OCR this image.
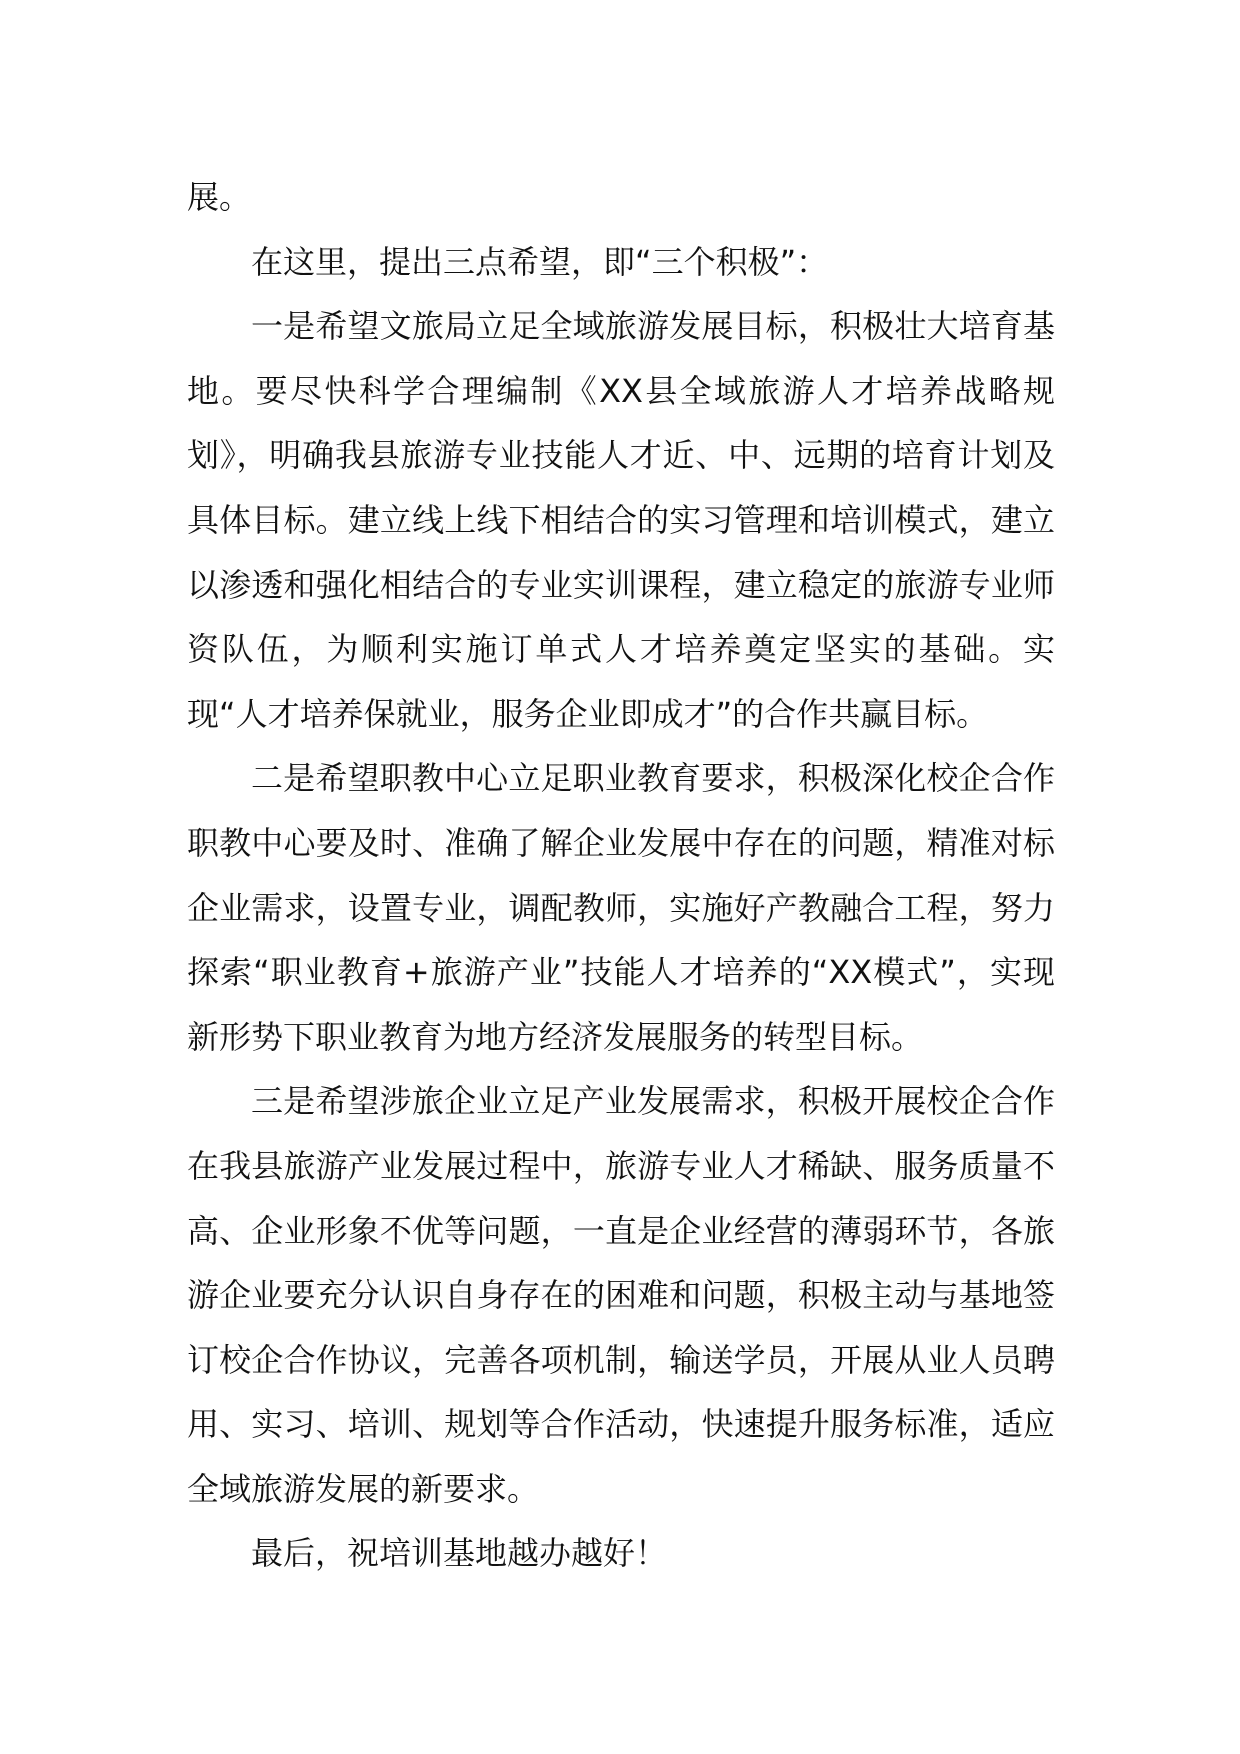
展。

在这里，提出三点希望，即“三个积极”：

一是希望文旅局立足全域旅游发展目标，积极壮大培育基地。要尽快科学合理编制《XX县全域旅游人才培养战略规划》，明确我县旅游专业技能人才近、中、远期的培育计划及具体目标。建立线上线下相结合的实习管理和培训模式，建立以渗透和强化相结合的专业实训课程，建立稳定的旅游专业师资队伍，为顺利实施订单式人才培养奠定坚实的基础。实现“人才培养保就业，服务企业即成才”的合作共赢目标。

二是希望职教中心立足职业教育要求，积极深化校企合作职教中心要及时、准确了解企业发展中存在的问题，精准对标企业需求，设置专业，调配教师，实施好产教融合工程，努力探索“职业教育+旅游产业”技能人才培养的“XX模式”，实现新形势下职业教育为地方经济发展服务的转型目标。

三是希望涉旅企业立足产业发展需求，积极开展校企合作在我县旅游产业发展过程中，旅游专业人才稀缺、服务质量不高、企业形象不优等问题，一直是企业经营的薄弱环节，各旅游企业要充分认识自身存在的困难和问题，积极主动与基地签订校企合作协议，完善各项机制，输送学员，开展从业人员聘用、实习、培训、规划等合作活动，快速提升服务标准，适应全域旅游发展的新要求。

最后，祝培训基地越办越好！
